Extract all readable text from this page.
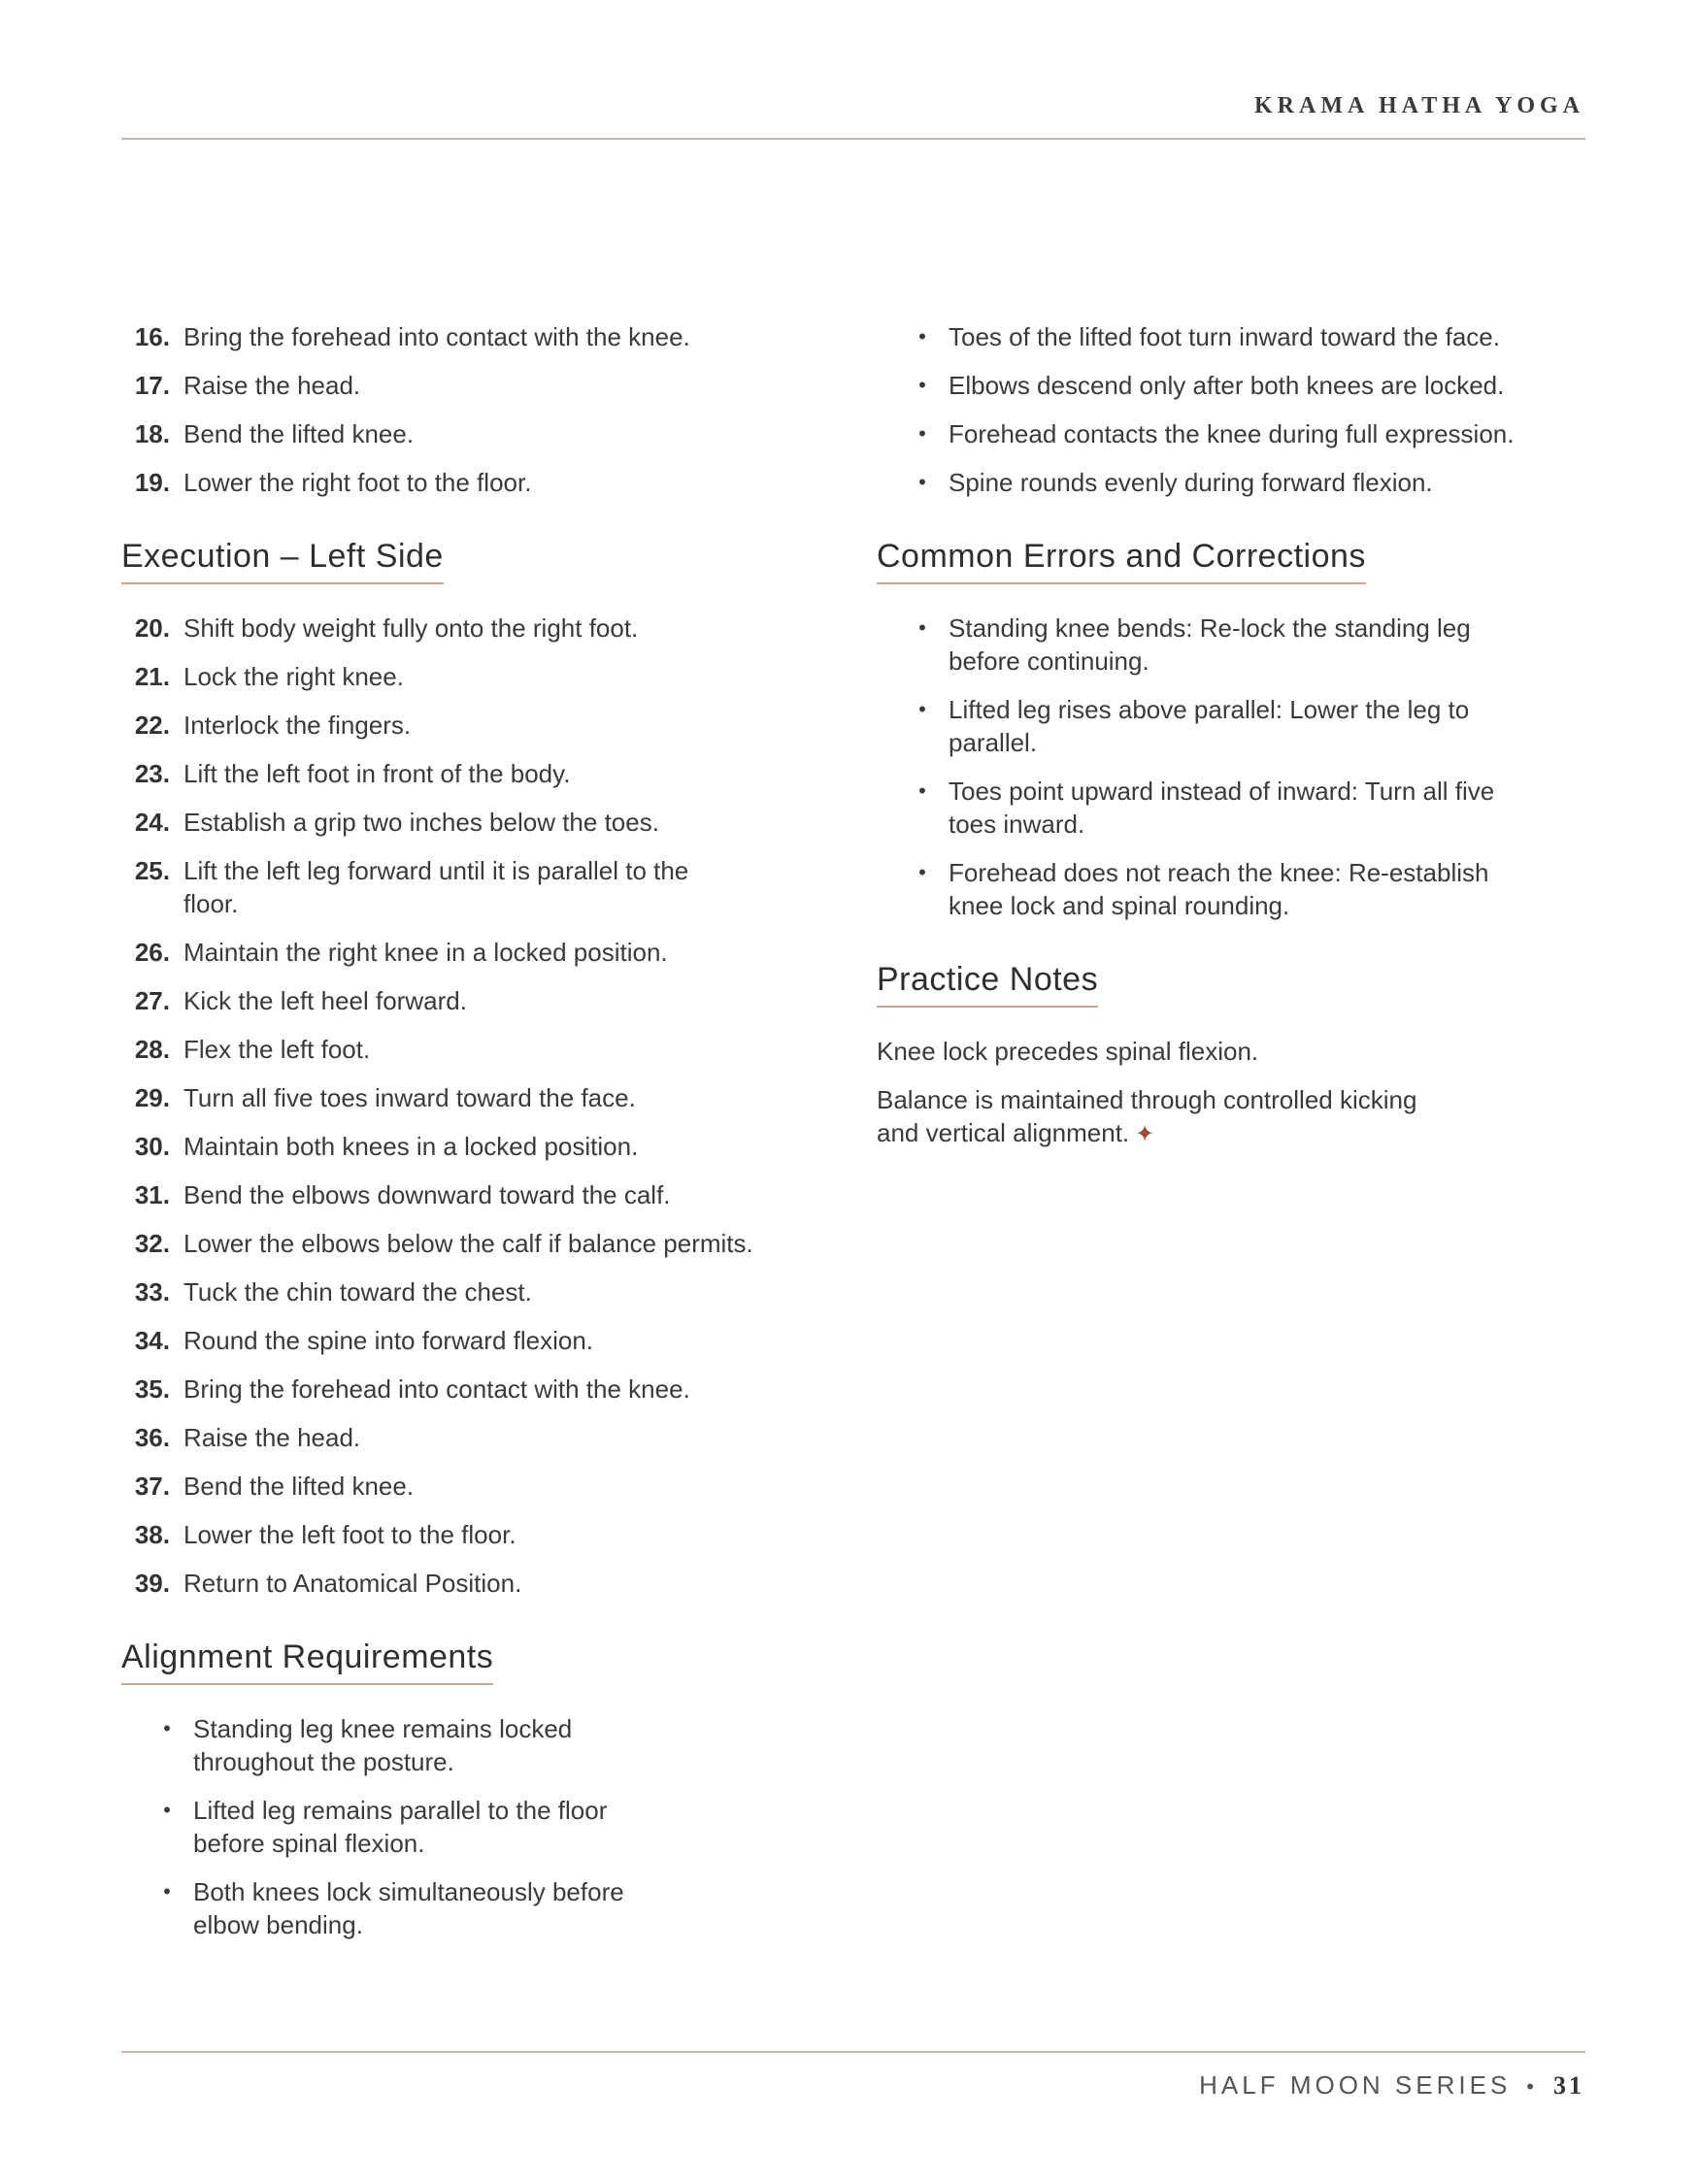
KRAMA HATHA YOGA
16. Bring the forehead into contact with the knee.
17. Raise the head.
18. Bend the lifted knee.
19. Lower the right foot to the floor.
Execution – Left Side
20. Shift body weight fully onto the right foot.
21. Lock the right knee.
22. Interlock the fingers.
23. Lift the left foot in front of the body.
24. Establish a grip two inches below the toes.
25. Lift the left leg forward until it is parallel to the floor.
26. Maintain the right knee in a locked position.
27. Kick the left heel forward.
28. Flex the left foot.
29. Turn all five toes inward toward the face.
30. Maintain both knees in a locked position.
31. Bend the elbows downward toward the calf.
32. Lower the elbows below the calf if balance permits.
33. Tuck the chin toward the chest.
34. Round the spine into forward flexion.
35. Bring the forehead into contact with the knee.
36. Raise the head.
37. Bend the lifted knee.
38. Lower the left foot to the floor.
39. Return to Anatomical Position.
Alignment Requirements
• Standing leg knee remains locked throughout the posture.
• Lifted leg remains parallel to the floor before spinal flexion.
• Both knees lock simultaneously before elbow bending.
• Toes of the lifted foot turn inward toward the face.
• Elbows descend only after both knees are locked.
• Forehead contacts the knee during full expression.
• Spine rounds evenly during forward flexion.
Common Errors and Corrections
• Standing knee bends: Re-lock the standing leg before continuing.
• Lifted leg rises above parallel: Lower the leg to parallel.
• Toes point upward instead of inward: Turn all five toes inward.
• Forehead does not reach the knee: Re-establish knee lock and spinal rounding.
Practice Notes

Knee lock precedes spinal flexion.

Balance is maintained through controlled kicking and vertical alignment. ✦

HALF MOON SERIES • 31
